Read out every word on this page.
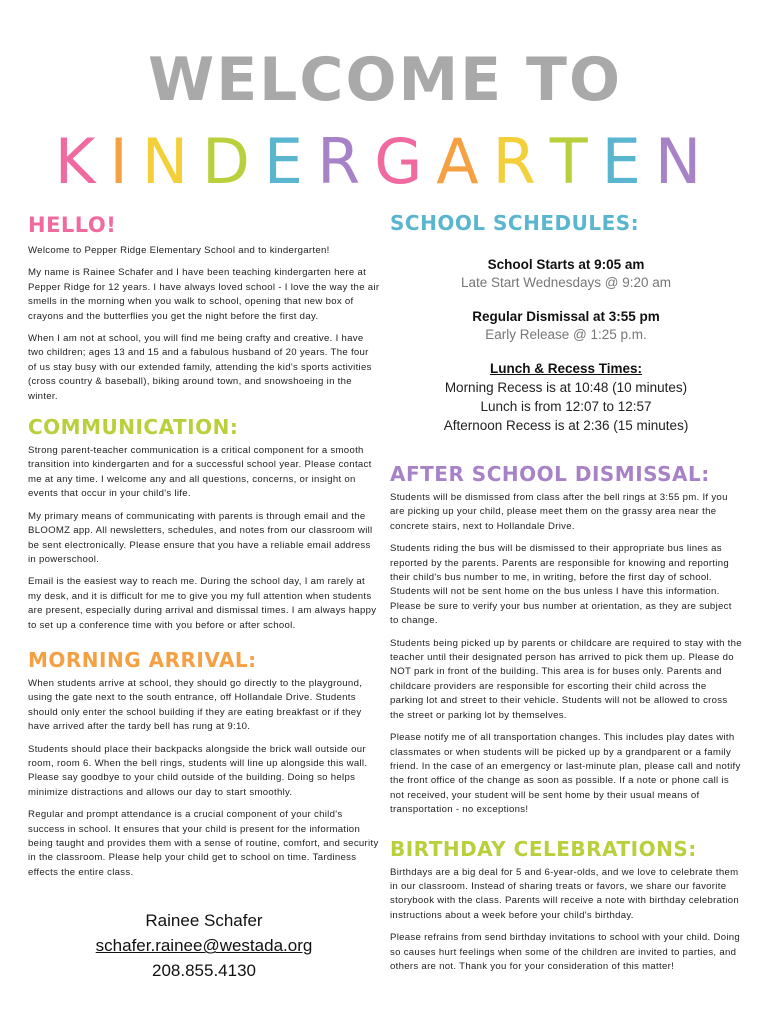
WELCOME TO
KINDERGARTEN
HELLO!

Welcome to Pepper Ridge Elementary School and to kindergarten!

My name is Rainee Schafer and I have been teaching kindergarten here at Pepper Ridge for 12 years. I have always loved school - I love the way the air smells in the morning when you walk to school, opening that new box of crayons and the butterflies you get the night before the first day.

When I am not at school, you will find me being crafty and creative. I have two children; ages 13 and 15 and a fabulous husband of 20 years. The four of us stay busy with our extended family, attending the kid's sports activities (cross country & baseball), biking around town, and snowshoeing in the winter.

COMMUNICATION:

Strong parent-teacher communication is a critical component for a smooth transition into kindergarten and for a successful school year. Please contact me at any time. I welcome any and all questions, concerns, or insight on events that occur in your child's life.

My primary means of communicating with parents is through email and the BLOOMZ app. All newsletters, schedules, and notes from our classroom will be sent electronically. Please ensure that you have a reliable email address in powerschool.

Email is the easiest way to reach me. During the school day, I am rarely at my desk, and it is difficult for me to give you my full attention when students are present, especially during arrival and dismissal times. I am always happy to set up a conference time with you before or after school.

MORNING ARRIVAL:

When students arrive at school, they should go directly to the playground, using the gate next to the south entrance, off Hollandale Drive. Students should only enter the school building if they are eating breakfast or if they have arrived after the tardy bell has rung at 9:10.

Students should place their backpacks alongside the brick wall outside our room, room 6. When the bell rings, students will line up alongside this wall. Please say goodbye to your child outside of the building. Doing so helps minimize distractions and allows our day to start smoothly.

Regular and prompt attendance is a crucial component of your child's success in school. It ensures that your child is present for the information being taught and provides them with a sense of routine, comfort, and security in the classroom. Please help your child get to school on time. Tardiness effects the entire class.

Rainee Schafer
schafer.rainee@westada.org
208.855.4130
SCHOOL SCHEDULES:
School Starts at 9:05 am
Late Start Wednesdays @ 9:20 am
Regular Dismissal at 3:55 pm
Early Release @ 1:25 p.m.
Lunch & Recess Times:
Morning Recess is at 10:48 (10 minutes)
Lunch is from 12:07 to 12:57
Afternoon Recess is at 2:36 (15 minutes)
AFTER SCHOOL DISMISSAL:

Students will be dismissed from class after the bell rings at 3:55 pm. If you are picking up your child, please meet them on the grassy area near the concrete stairs, next to Hollandale Drive.

Students riding the bus will be dismissed to their appropriate bus lines as reported by the parents. Parents are responsible for knowing and reporting their child's bus number to me, in writing, before the first day of school. Students will not be sent home on the bus unless I have this information. Please be sure to verify your bus number at orientation, as they are subject to change.

Students being picked up by parents or childcare are required to stay with the teacher until their designated person has arrived to pick them up. Please do NOT park in front of the building. This area is for buses only. Parents and childcare providers are responsible for escorting their child across the parking lot and street to their vehicle. Students will not be allowed to cross the street or parking lot by themselves.

Please notify me of all transportation changes. This includes play dates with classmates or when students will be picked up by a grandparent or a family friend. In the case of an emergency or last-minute plan, please call and notify the front office of the change as soon as possible. If a note or phone call is not received, your student will be sent home by their usual means of transportation - no exceptions!

BIRTHDAY CELEBRATIONS:

Birthdays are a big deal for 5 and 6-year-olds, and we love to celebrate them in our classroom. Instead of sharing treats or favors, we share our favorite storybook with the class. Parents will receive a note with birthday celebration instructions about a week before your child's birthday.

Please refrains from send birthday invitations to school with your child. Doing so causes hurt feelings when some of the children are invited to parties, and others are not. Thank you for your consideration of this matter!
